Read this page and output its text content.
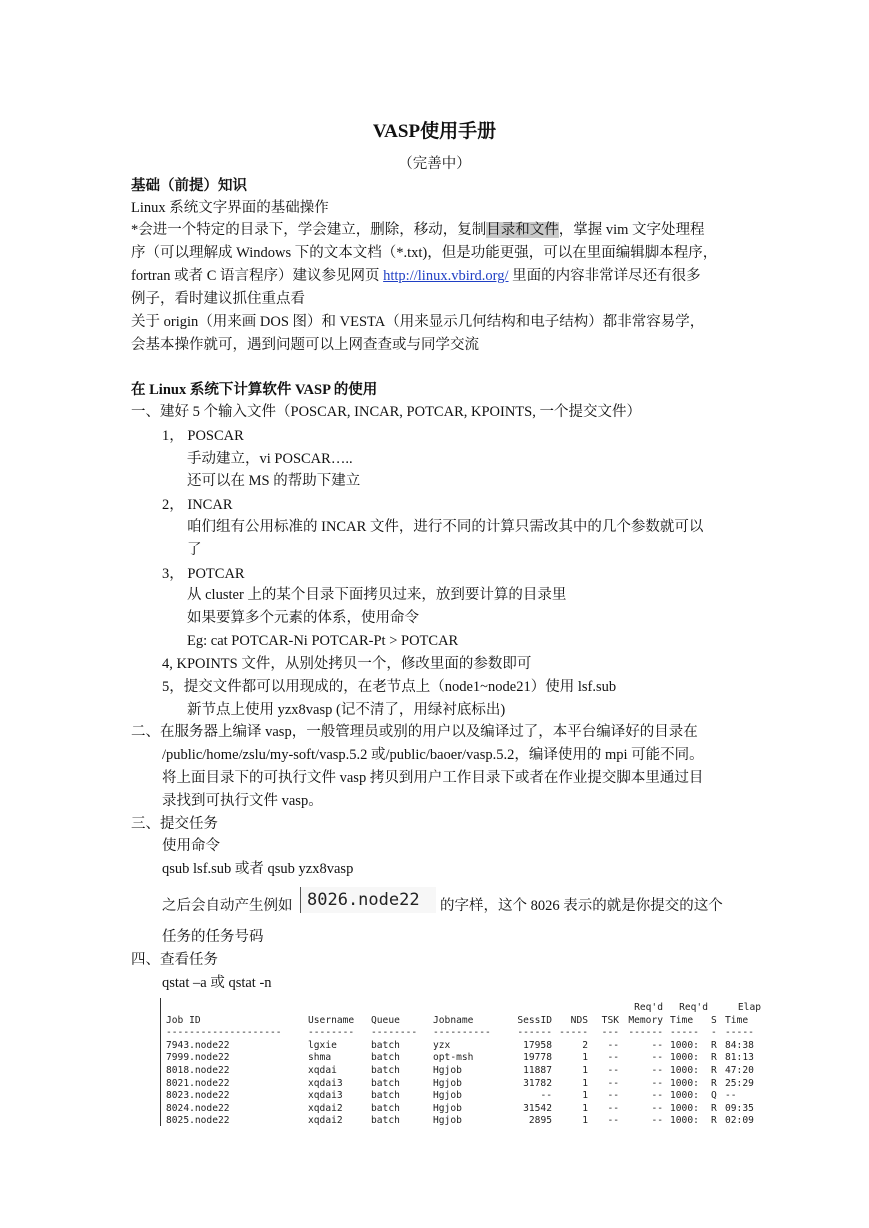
VASP使用手册
（完善中）
基础（前提）知识
Linux 系统文字界面的基础操作
*会进一个特定的目录下，学会建立，删除，移动，复制目录和文件，掌握 vim 文字处理程
序（可以理解成 Windows 下的文本文档（*.txt)，但是功能更强，可以在里面编辑脚本程序，
fortran 或者 C 语言程序）建议参见网页 http://linux.vbird.org/ 里面的内容非常详尽还有很多
例子，看时建议抓住重点看
关于 origin（用来画 DOS 图）和 VESTA（用来显示几何结构和电子结构）都非常容易学，
会基本操作就可，遇到问题可以上网查查或与同学交流
在 Linux 系统下计算软件 VASP 的使用
一、建好 5 个输入文件（POSCAR, INCAR, POTCAR, KPOINTS, 一个提交文件）
1， POSCAR
手动建立，vi POSCAR…..
还可以在 MS 的帮助下建立
2， INCAR
咱们组有公用标准的 INCAR 文件，进行不同的计算只需改其中的几个参数就可以
了
3， POTCAR
从 cluster 上的某个目录下面拷贝过来，放到要计算的目录里
如果要算多个元素的体系，使用命令
Eg: cat POTCAR-Ni POTCAR-Pt > POTCAR
4, KPOINTS 文件，从别处拷贝一个，修改里面的参数即可
5，提交文件都可以用现成的，在老节点上（node1~node21）使用 lsf.sub
新节点上使用 yzx8vasp (记不清了，用绿衬底标出)
二、在服务器上编译 vasp，一般管理员或别的用户以及编译过了，本平台编译好的目录在
/public/home/zslu/my-soft/vasp.5.2 或/public/baoer/vasp.5.2，编译使用的 mpi 可能不同。
将上面目录下的可执行文件 vasp 拷贝到用户工作目录下或者在作业提交脚本里通过目
录找到可执行文件 vasp。
三、提交任务
使用命令
qsub lsf.sub 或者 qsub yzx8vasp
之后会自动产生例如 8026.node22	的字样，这个 8026 表示的就是你提交的这个
任务的任务号码
四、查看任务
qstat –a 或 qstat -n
Req'd	Req'd	Elap
Job ID	Username Queue	Jobname	SessID	NDS	TSK Memory Time S Time
--------------------	-------- -------- ----------	------ -----	--- ------ ----- - -----
7943.node22	lgxie	batch	yzx	17958	2	--	-- 1000: R 84:38
7999.node22	shma	batch	opt-msh	19778	1	--	-- 1000: R 81:13
8018.node22	xqdai	batch	Hgjob	11887	1	--	-- 1000: R 47:20
8021.node22	xqdai3	batch	Hgjob	31782	1	--	-- 1000: R 25:29
8023.node22	xqdai3	batch	Hgjob	--	1	--	-- 1000: Q --
8024.node22	xqdai2	batch	Hgjob	31542	1	--	-- 1000: R 09:35
8025.node22	xqdai2	batch	Hgjob	2895	1	--	-- 1000: R 02:09
